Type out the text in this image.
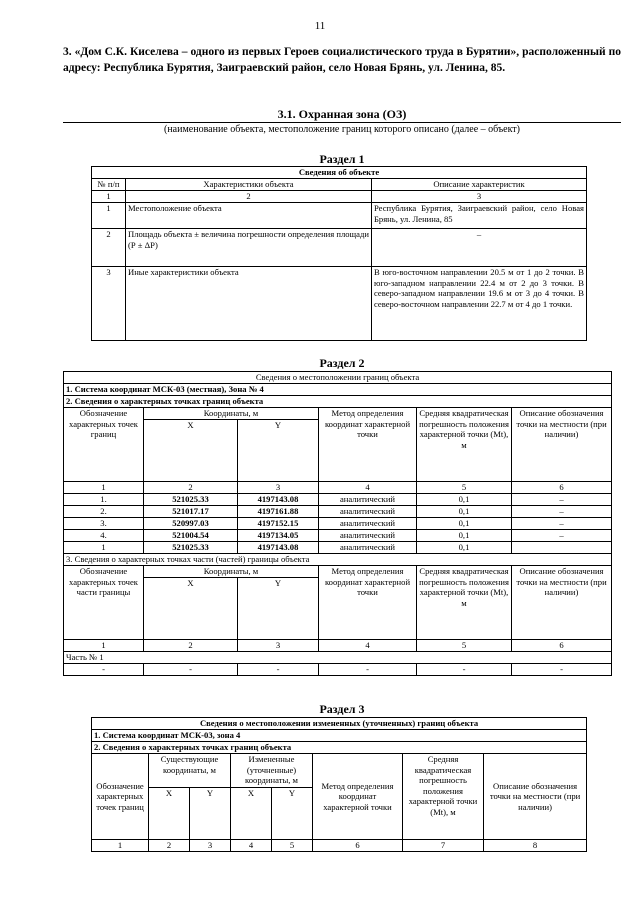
11
3. «Дом С.К. Киселева – одного из первых Героев социалистического труда в Бурятии», расположенный по адресу: Республика Бурятия, Заиграевский район, село Новая Брянь, ул. Ленина, 85.
3.1. Охранная зона (ОЗ)
(наименование объекта, местоположение границ которого описано (далее – объект)
Раздел 1
Сведения об объекте		
№ п/п	Характеристики объекта	Описание характеристик
1	2	3
1	Местоположение объекта	Республика Бурятия, Заиграевский район, село Новая Брянь, ул. Ленина, 85
2	Площадь объекта ± величина погрешности определения площади (Р ± ΔР)	–
3	Иные характеристики объекта	В юго-восточном направлении 20.5 м от 1 до 2 точки. В юго-западном направлении 22.4 м от 2 до 3 точки. В северо-западном направлении 19.6 м от 3 до 4 точки. В северо-восточном направлении 22.7 м от 4 до 1 точки.
Раздел 2
Сведения о местоположении границ объекта					
1. Система координат МСК-03 (местная), Зона № 4					
2. Сведения о характерных точках границ объекта					
Обозначение характерных точек границ	Координаты, м		Метод определения координат характерной точки	Средняя квадратическая погрешность положения характерной точки (Mt), м	Описание обозначения точки на местности (при наличии)
	X	Y			
1	2	3	4	5	6
1.	521025.33	4197143.08	аналитический	0,1	–
2.	521017.17	4197161.88	аналитический	0,1	–
3.	520997.03	4197152.15	аналитический	0,1	–
4.	521004.54	4197134.05	аналитический	0,1	–
1	521025.33	4197143.08	аналитический	0,1	
3. Сведения о характерных точках части (частей) границы объекта					
Обозначение характерных точек части границы	Координаты, м		Метод определения координат характерной точки	Средняя квадратическая погрешность положения характерной точки (Mt), м	Описание обозначения точки на местности (при наличии)
	X	Y			
1	2	3	4	5	6
Часть № 1					
-	-	-	-	-	-
Раздел 3
Сведения о местоположении измененных (уточненных) границ объекта							
1. Система координат МСК-03, зона 4							
2. Сведения о характерных точках границ объекта							
Обозначение характерных точек границ	Существующие координаты, м		Измененные (уточненные) координаты, м		Метод определения координат характерной точки	Средняя квадратическая погрешность положения характерной точки (Mt), м	Описание обозначения точки на местности (при наличии)
	X	Y	X	Y			
1	2	3	4	5	6	7	8
